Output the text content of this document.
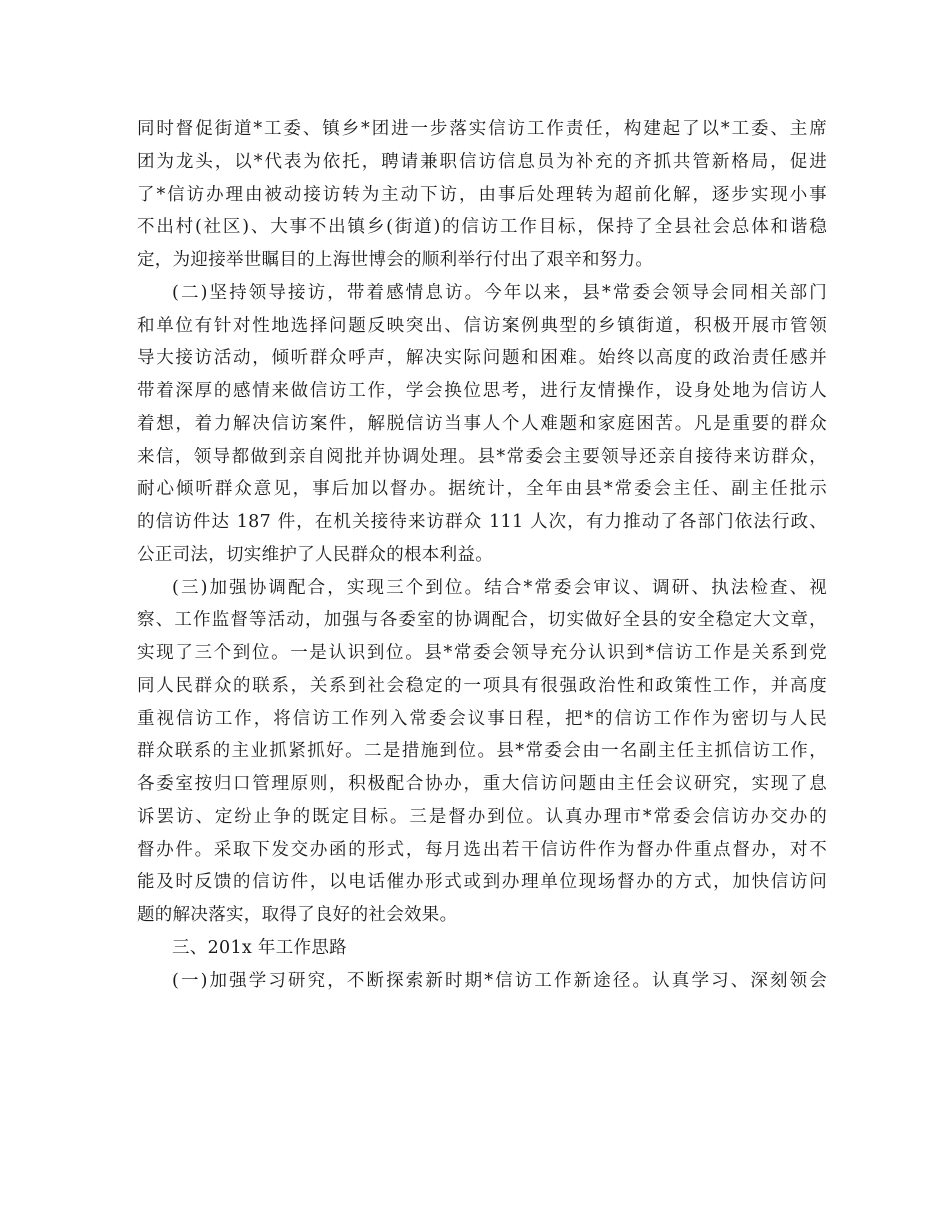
同时督促街道*工委、镇乡*团进一步落实信访工作责任，构建起了以*工委、主席
团为龙头，以*代表为依托，聘请兼职信访信息员为补充的齐抓共管新格局，促进
了*信访办理由被动接访转为主动下访，由事后处理转为超前化解，逐步实现小事
不出村(社区)、大事不出镇乡(街道)的信访工作目标，保持了全县社会总体和谐稳
定，为迎接举世瞩目的上海世博会的顺利举行付出了艰辛和努力。
(二)坚持领导接访，带着感情息访。今年以来，县*常委会领导会同相关部门
和单位有针对性地选择问题反映突出、信访案例典型的乡镇街道，积极开展市管领
导大接访活动，倾听群众呼声，解决实际问题和困难。始终以高度的政治责任感并
带着深厚的感情来做信访工作，学会换位思考，进行友情操作，设身处地为信访人
着想，着力解决信访案件，解脱信访当事人个人难题和家庭困苦。凡是重要的群众
来信，领导都做到亲自阅批并协调处理。县*常委会主要领导还亲自接待来访群众，
耐心倾听群众意见，事后加以督办。据统计，全年由县*常委会主任、副主任批示
的信访件达 187 件，在机关接待来访群众 111 人次，有力推动了各部门依法行政、
公正司法，切实维护了人民群众的根本利益。
(三)加强协调配合，实现三个到位。结合*常委会审议、调研、执法检查、视
察、工作监督等活动，加强与各委室的协调配合，切实做好全县的安全稳定大文章，
实现了三个到位。一是认识到位。县*常委会领导充分认识到*信访工作是关系到党
同人民群众的联系，关系到社会稳定的一项具有很强政治性和政策性工作，并高度
重视信访工作，将信访工作列入常委会议事日程，把*的信访工作作为密切与人民
群众联系的主业抓紧抓好。二是措施到位。县*常委会由一名副主任主抓信访工作，
各委室按归口管理原则，积极配合协办，重大信访问题由主任会议研究，实现了息
诉罢访、定纷止争的既定目标。三是督办到位。认真办理市*常委会信访办交办的
督办件。采取下发交办函的形式，每月选出若干信访件作为督办件重点督办，对不
能及时反馈的信访件，以电话催办形式或到办理单位现场督办的方式，加快信访问
题的解决落实，取得了良好的社会效果。
三、201x 年工作思路
(一)加强学习研究，不断探索新时期*信访工作新途径。认真学习、深刻领会
